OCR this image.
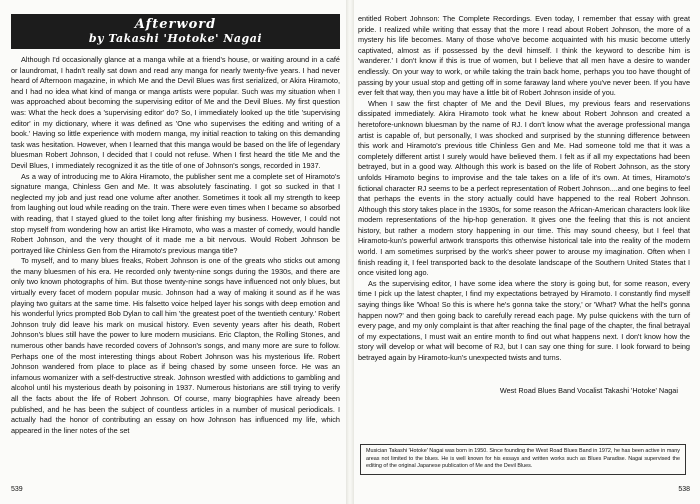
Afterword
by Takashi 'Hotoke' Nagai

Although I'd occasionally glance at a manga while at a friend's house, or waiting around in a café or laundromat, I hadn't really sat down and read any manga for nearly twenty-five years. I had never heard of Afternoon magazine, in which Me and the Devil Blues was first serialized, or Akira Hiramoto, and I had no idea what kind of manga or manga artists were popular. Such was my situation when I was approached about becoming the supervising editor of Me and the Devil Blues. My first question was: What the heck does a 'supervising editor' do? So, I immediately looked up the title 'supervising editor' in my dictionary, where it was defined as 'One who supervises the editing and writing of a book.' Having so little experience with modern manga, my initial reaction to taking on this demanding task was hesitation. However, when I learned that this manga would be based on the life of legendary bluesman Robert Johnson, I decided that I could not refuse. When I first heard the title Me and the Devil Blues, I immediately recognized it as the title of one of Johnson's songs, recorded in 1937.

As a way of introducing me to Akira Hiramoto, the publisher sent me a complete set of Hiramoto's signature manga, Chinless Gen and Me. It was absolutely fascinating. I got so sucked in that I neglected my job and just read one volume after another. Sometimes it took all my strength to keep from laughing out loud while reading on the train. There were even times when I became so absorbed with reading, that I stayed glued to the toilet long after finishing my business. However, I could not stop myself from wondering how an artist like Hiramoto, who was a master of comedy, would handle Robert Johnson, and the very thought of it made me a bit nervous. Would Robert Johnson be portrayed like Chinless Gen from the Hiramoto's previous manga title?

To myself, and to many blues freaks, Robert Johnson is one of the greats who sticks out among the many bluesmen of his era. He recorded only twenty-nine songs during the 1930s, and there are only two known photographs of him. But those twenty-nine songs have influenced not only blues, but virtually every facet of modern popular music. Johnson had a way of making it sound as if he was playing two guitars at the same time. His falsetto voice helped layer his songs with deep emotion and his wonderful lyrics prompted Bob Dylan to call him 'the greatest poet of the twentieth century.' Robert Johnson truly did leave his mark on musical history. Even seventy years after his death, Robert Johnson's blues still have the power to lure modern musicians. Eric Clapton, the Rolling Stones, and numerous other bands have recorded covers of Johnson's songs, and many more are sure to follow. Perhaps one of the most interesting things about Robert Johnson was his mysterious life. Robert Johnson wandered from place to place as if being chased by some unseen force. He was an infamous womanizer with a self-destructive streak. Johnson wrestled with addictions to gambling and alcohol until his mysterious death by poisoning in 1937. Numerous historians are still trying to verify all the facts about the life of Robert Johnson. Of course, many biographies have already been published, and he has been the subject of countless articles in a number of musical periodicals. I actually had the honor of contributing an essay on how Johnson has influenced my life, which appeared in the liner notes of the set

entitled Robert Johnson: The Complete Recordings. Even today, I remember that essay with great pride. I realized while writing that essay that the more I read about Robert Johnson, the more of a mystery his life becomes. Many of those who've become acquainted with his music become utterly captivated, almost as if possessed by the devil himself. I think the keyword to describe him is 'wanderer.' I don't know if this is true of women, but I believe that all men have a desire to wander endlessly. On your way to work, or while taking the train back home, perhaps you too have thought of passing by your usual stop and getting off in some faraway land where you've never been. If you have ever felt that way, then you may have a little bit of Robert Johnson inside of you.

When I saw the first chapter of Me and the Devil Blues, my previous fears and reservations dissipated immediately. Akira Hiramoto took what he knew about Robert Johnson and created a heretofore-unknown bluesman by the name of RJ. I don't know what the average professional manga artist is capable of, but personally, I was shocked and surprised by the stunning difference between this work and Hiramoto's previous title Chinless Gen and Me. Had someone told me that it was a completely different artist I surely would have believed them. I felt as if all my expectations had been betrayed, but in a good way. Although this work is based on the life of Robert Johnson, as the story unfolds Hiramoto begins to improvise and the tale takes on a life of it's own. At times, Hiramoto's fictional character RJ seems to be a perfect representation of Robert Johnson....and one begins to feel that perhaps the events in the story actually could have happened to the real Robert Johnson. Although this story takes place in the 1930s, for some reason the African-American characters look like modern representations of the hip-hop generation. It gives one the feeling that this is not ancient history, but rather a modern story happening in our time. This may sound cheesy, but I feel that Hiramoto-kun's powerful artwork transports this otherwise historical tale into the reality of the modern world. I am sometimes surprised by the work's sheer power to arouse my imagination. Often when I finish reading it, I feel transported back to the desolate landscape of the Southern United States that I once visited long ago.

As the supervising editor, I have some idea where the story is going but, for some reason, every time I pick up the latest chapter, I find my expectations betrayed by Hiramoto. I constantly find myself saying things like 'Whoa! So this is where he's gonna take the story,' or 'What? What the hell's gonna happen now?' and then going back to carefully reread each page. My pulse quickens with the turn of every page, and my only complaint is that after reaching the final page of the chapter, the final betrayal of my expectations, I must wait an entire month to find out what happens next. I don't know how the story will develop or what will become of RJ, but I can say one thing for sure. I look forward to being betrayed again by Hiramoto-kun's unexpected twists and turns.

West Road Blues Band Vocalist Takashi 'Hotoke' Nagai
Musician Takashi 'Hotoke' Nagai was born in 1950. Since founding the West Road Blues Band in 1972, he has been active in many areas not limited to the blues. He is well known for his essays and written works such as Blues Paradise. Nagai supervised the editing of the original Japanese publication of Me and the Devil Blues.
539	538
